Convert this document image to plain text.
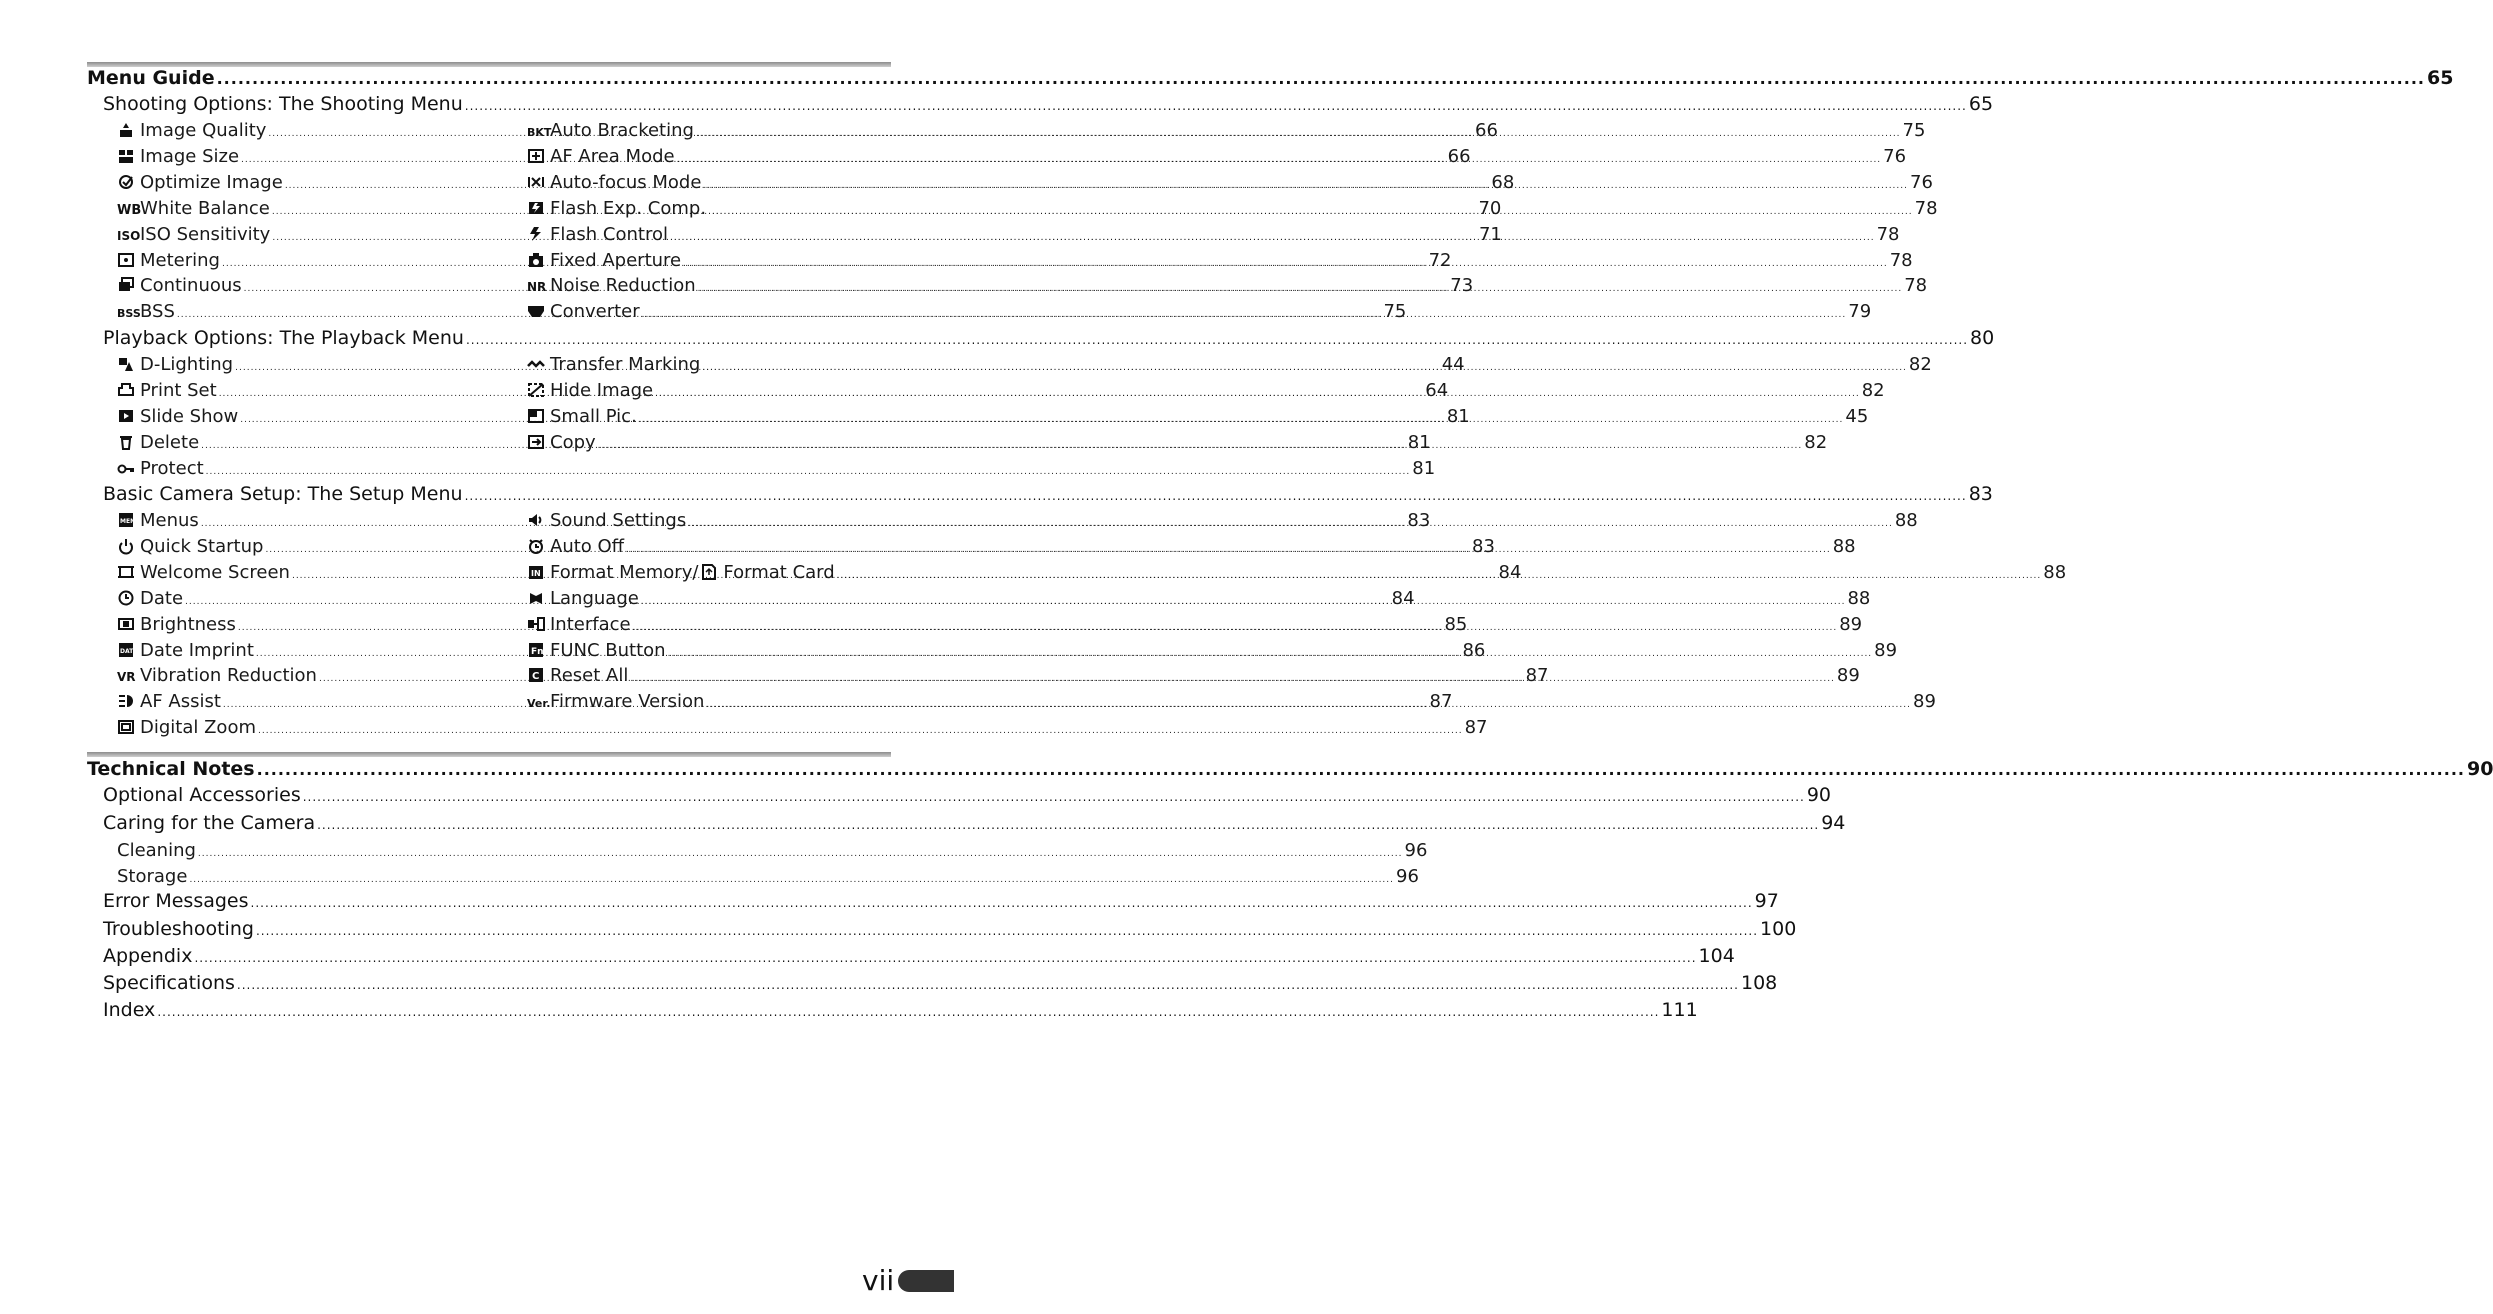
Menu Guide .....	65
Shooting Options: The Shooting Menu .....	65
Image Quality .....	66
Image Size .....	66
Optimize Image .....	68
WB
White Balance .....	70
ISO ISO Sensitivity .....	71
Metering .....	72
Continuous .....	73
BSS BSS .....	75
BKT
Auto Bracketing .....	75
AF Area Mode .....	76
Auto-focus Mode .....	76
Flash Exp. Comp. .....	78
Flash Control .....	78
Fixed Aperture .....	78
NR Noise Reduction .....	78
Converter .....	79
Playback Options: The Playback Menu .....	80
D-Lighting .....	44
Print Set .....	64
Slide Show .....	81
Delete .....	81
Protect .....	81
Transfer Marking .....	82
Hide Image .....	82
Small Pic. .....	45
Copy .....	82
Basic Camera Setup: The Setup Menu .....	83
MENU Menus .....	83
Quick Startup .....	83
Welcome Screen .....	84
Date .....	84
Brightness .....	85
DATE Date Imprint .....	86
VR Vibration Reduction .....	87
AF Assist .....	87
Digital Zoom .....	87
Sound Settings .....	88
Auto Off .....	88
IN Format Memory/ Format Card .....	88
Language .....	88
Interface .....	89
Fn FUNC Button .....	89
C Reset All .....	89
Ver. Firmware Version .....	89
Technical Notes .....	90
Optional Accessories .....	90
Caring for the Camera .....	94
Cleaning .....	96
Storage .....	96
Error Messages .....	97
Troubleshooting .....	100
Appendix .....	104
Specifications .....	108
Index .....	111
vii
